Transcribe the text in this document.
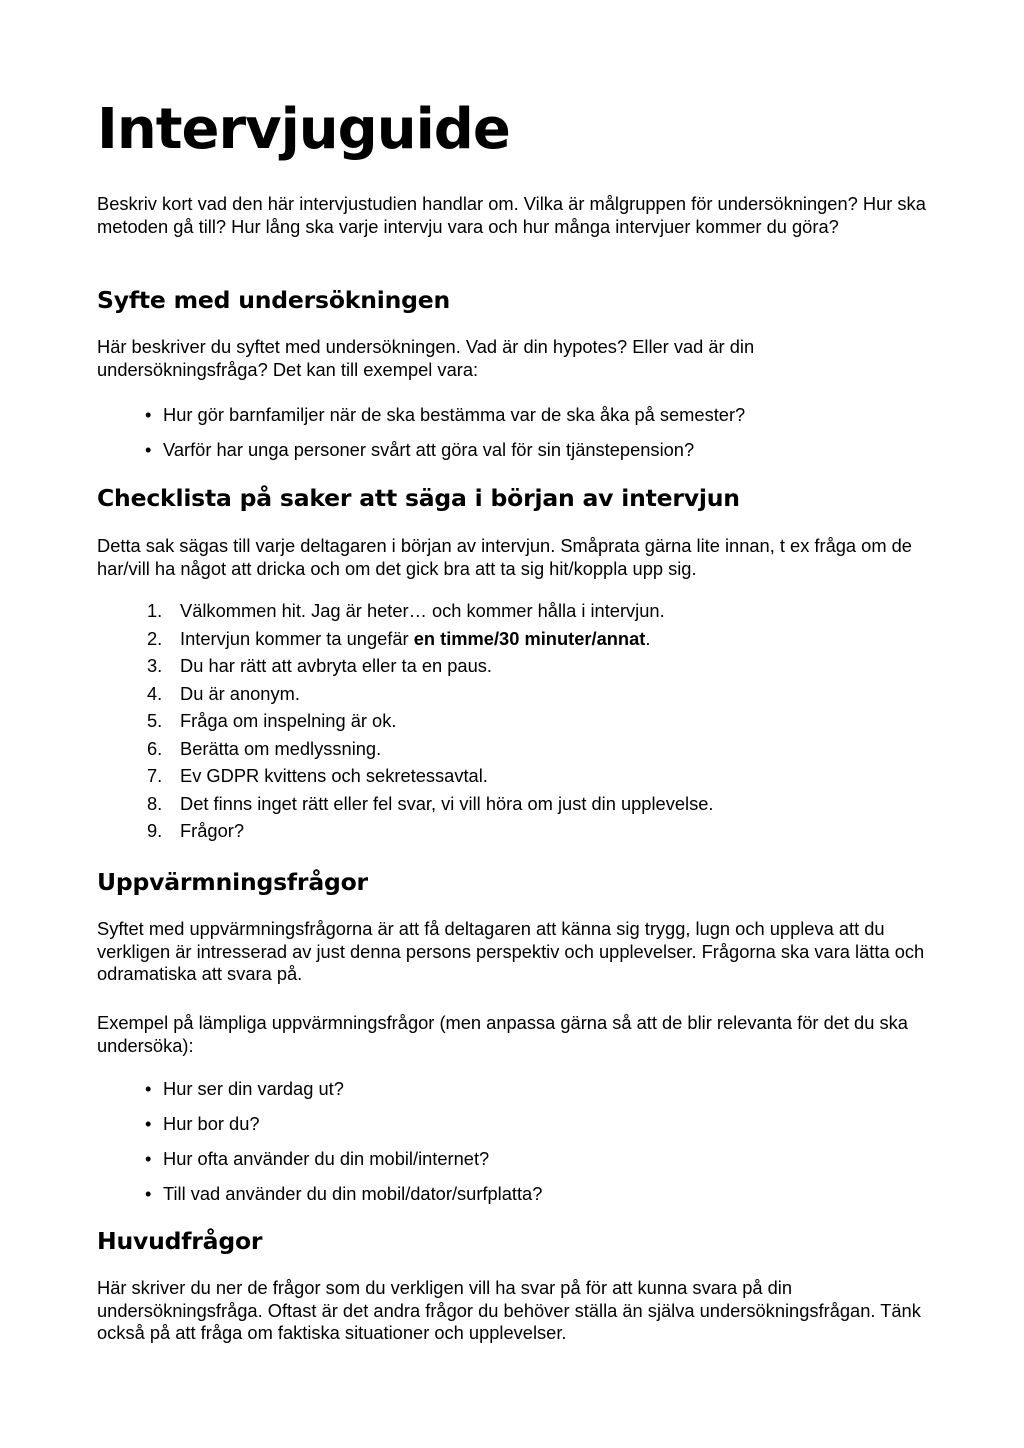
Intervjuguide

Beskriv kort vad den här intervjustudien handlar om. Vilka är målgruppen för undersökningen? Hur ska metoden gå till? Hur lång ska varje intervju vara och hur många intervjuer kommer du göra?

Syfte med undersökningen

Här beskriver du syftet med undersökningen. Vad är din hypotes? Eller vad är din undersökningsfråga? Det kan till exempel vara:

• Hur gör barnfamiljer när de ska bestämma var de ska åka på semester?
• Varför har unga personer svårt att göra val för sin tjänstepension?
Checklista på saker att säga i början av intervjun

Detta sak sägas till varje deltagaren i början av intervjun. Småprata gärna lite innan, t ex fråga om de har/vill ha något att dricka och om det gick bra att ta sig hit/koppla upp sig.

1. Välkommen hit. Jag är heter… och kommer hålla i intervjun.
2. Intervjun kommer ta ungefär en timme/30 minuter/annat.
3. Du har rätt att avbryta eller ta en paus.
4. Du är anonym.
5. Fråga om inspelning är ok.
6. Berätta om medlyssning.
7. Ev GDPR kvittens och sekretessavtal.
8. Det finns inget rätt eller fel svar, vi vill höra om just din upplevelse.
9. Frågor?
Uppvärmningsfrågor

Syftet med uppvärmningsfrågorna är att få deltagaren att känna sig trygg, lugn och uppleva att du verkligen är intresserad av just denna persons perspektiv och upplevelser. Frågorna ska vara lätta och odramatiska att svara på.

Exempel på lämpliga uppvärmningsfrågor (men anpassa gärna så att de blir relevanta för det du ska undersöka):

• Hur ser din vardag ut?
• Hur bor du?
• Hur ofta använder du din mobil/internet?
• Till vad använder du din mobil/dator/surfplatta?
Huvudfrågor

Här skriver du ner de frågor som du verkligen vill ha svar på för att kunna svara på din undersökningsfråga. Oftast är det andra frågor du behöver ställa än själva undersökningsfrågan. Tänk också på att fråga om faktiska situationer och upplevelser.
